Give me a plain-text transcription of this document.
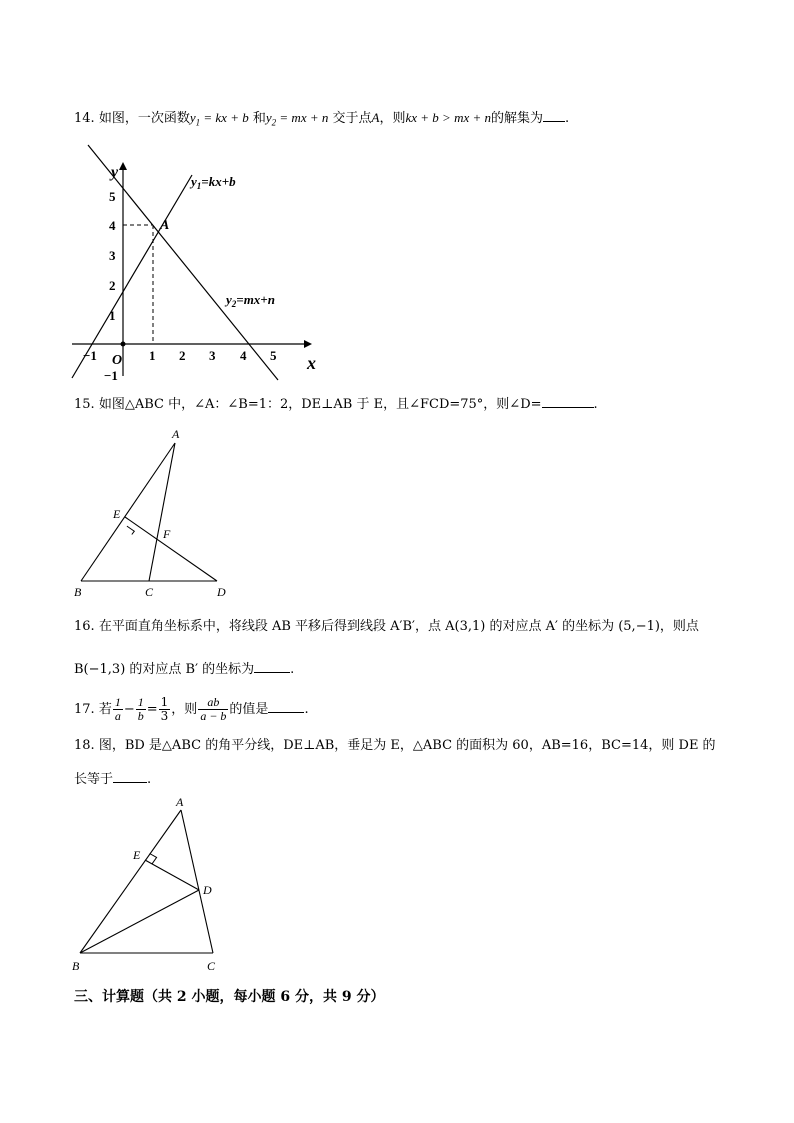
14. 如图，一次函数$y_1$ = kx + b 和$y_2$ = mx + n 交于点A，则kx + b > mx + n的解集为 .
y
x
O
A
−1	1 2 3 4 5
1
2
3
4
5
−1
$y_1=kx+b$
$y_2=mx+n$
15. 如图△ABC 中，∠A：∠B=1：2，DE⊥AB 于 E，且∠FCD=75°，则∠D=	.
A
B	C	D
E
F
16. 在平面直角坐标系中，将线段 AB 平移后得到线段 A′B′，点 A(3,1) 的对应点 A′ 的坐标为 (5,−1)，则点
B(−1,3) 的对应点 B′ 的坐标为	.
17. 若 $\frac{1}{a} - \frac{1}{b} = \frac{1}{3}$ ，则 $\frac{ab}{a - b}$ 的值是	.
18. 图，BD 是△ABC 的角平分线，DE⊥AB，垂足为 E，△ABC 的面积为 60，AB=16，BC=14，则 DE 的
长等于	.
A
B	C
D
E
三、计算题（共 2 小题，每小题 6 分，共 9 分）
